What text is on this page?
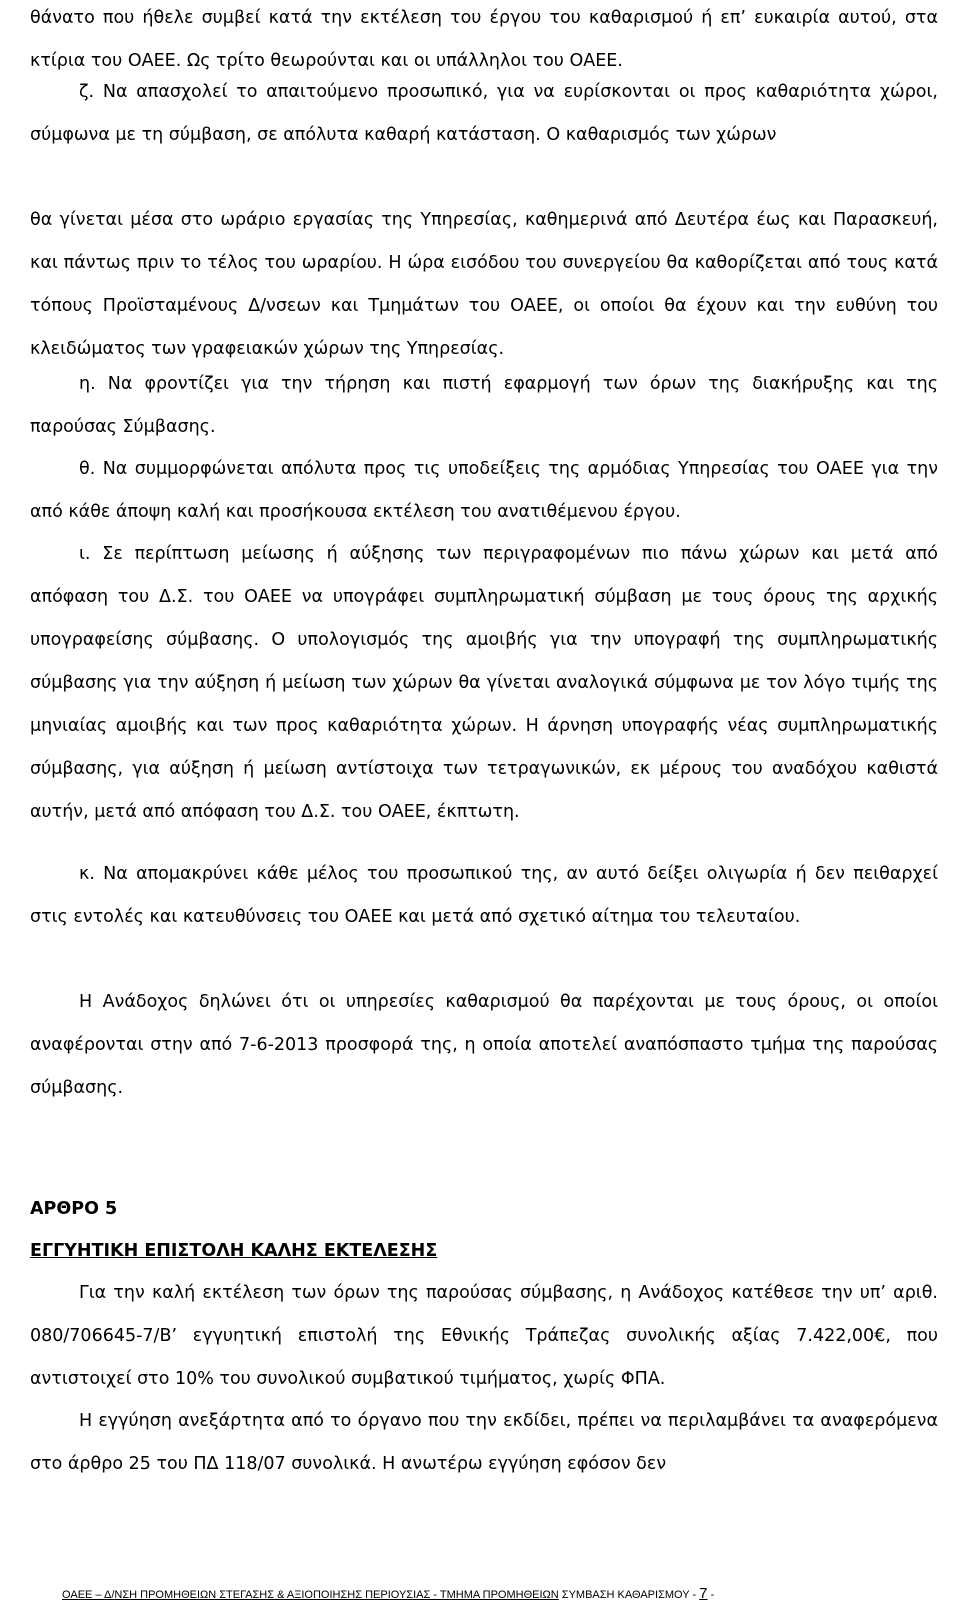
θάνατο που ήθελε συμβεί κατά την εκτέλεση του έργου του καθαρισμού ή επ’ ευκαιρία αυτού, στα κτίρια του ΟΑΕΕ. Ως τρίτο θεωρούνται και οι υπάλληλοι του ΟΑΕΕ.

ζ. Να απασχολεί το απαιτούμενο προσωπικό, για να ευρίσκονται οι προς καθαριότητα χώροι, σύμφωνα με τη σύμβαση, σε απόλυτα καθαρή κατάσταση. Ο καθαρισμός των χώρων

θα γίνεται μέσα στο ωράριο εργασίας της Υπηρεσίας, καθημερινά από Δευτέρα έως και Παρασκευή, και πάντως πριν το τέλος του ωραρίου. Η ώρα εισόδου του συνεργείου θα καθορίζεται από τους κατά τόπους Προϊσταμένους Δ/νσεων και Τμημάτων του ΟΑΕΕ, οι οποίοι θα έχουν και την ευθύνη του κλειδώματος των γραφειακών χώρων της Υπηρεσίας.

η. Να φροντίζει για την τήρηση και πιστή εφαρμογή των όρων της διακήρυξης και της παρούσας Σύμβασης.

θ. Να συμμορφώνεται απόλυτα προς τις υποδείξεις της αρμόδιας Υπηρεσίας του ΟΑΕΕ για την από κάθε άποψη καλή και προσήκουσα εκτέλεση του ανατιθέμενου έργου.

ι. Σε περίπτωση μείωσης ή αύξησης των περιγραφομένων πιο πάνω χώρων και μετά από απόφαση του Δ.Σ. του ΟΑΕΕ να υπογράφει συμπληρωματική σύμβαση με τους όρους της αρχικής υπογραφείσης σύμβασης. Ο υπολογισμός της αμοιβής για την υπογραφή της συμπληρωματικής σύμβασης για την αύξηση ή μείωση των χώρων θα γίνεται αναλογικά σύμφωνα με τον λόγο τιμής της μηνιαίας αμοιβής και των προς καθαριότητα χώρων. Η άρνηση υπογραφής νέας συμπληρωματικής σύμβασης, για αύξηση ή μείωση αντίστοιχα των τετραγωνικών, εκ μέρους του αναδόχου καθιστά αυτήν, μετά από απόφαση του Δ.Σ. του ΟΑΕΕ, έκπτωτη.

κ. Να απομακρύνει κάθε μέλος του προσωπικού της, αν αυτό δείξει ολιγωρία ή δεν πειθαρχεί στις εντολές και κατευθύνσεις του ΟΑΕΕ και μετά από σχετικό αίτημα του τελευταίου.

Η Ανάδοχος δηλώνει ότι οι υπηρεσίες καθαρισμού θα παρέχονται με τους όρους, οι οποίοι αναφέρονται στην από 7-6-2013 προσφορά της, η οποία αποτελεί αναπόσπαστο τμήμα της παρούσας σύμβασης.

ΑΡΘΡΟ 5
ΕΓΓΥΗΤΙΚΗ ΕΠΙΣΤΟΛΗ ΚΑΛΗΣ ΕΚΤΕΛΕΣΗΣ

Για την καλή εκτέλεση των όρων της παρούσας σύμβασης, η Ανάδοχος κατέθεσε την υπ’ αριθ. 080/706645-7/Β’ εγγυητική επιστολή της Εθνικής Τράπεζας συνολικής αξίας 7.422,00€, που αντιστοιχεί στο 10% του συνολικού συμβατικού τιμήματος, χωρίς ΦΠΑ.

Η εγγύηση ανεξάρτητα από το όργανο που την εκδίδει, πρέπει να περιλαμβάνει τα αναφερόμενα στο άρθρο 25 του ΠΔ 118/07 συνολικά. Η ανωτέρω εγγύηση εφόσον δεν

ΟΑΕΕ – Δ/ΝΣΗ ΠΡΟΜΗΘΕΙΩΝ ΣΤΕΓΑΣΗΣ & ΑΞΙΟΠΟΙΗΣΗΣ ΠΕΡΙΟΥΣΙΑΣ - ΤΜΗΜΑ ΠΡΟΜΗΘΕΙΩΝ ΣΥΜΒΑΣΗ ΚΑΘΑΡΙΣΜΟΥ - 7 -
